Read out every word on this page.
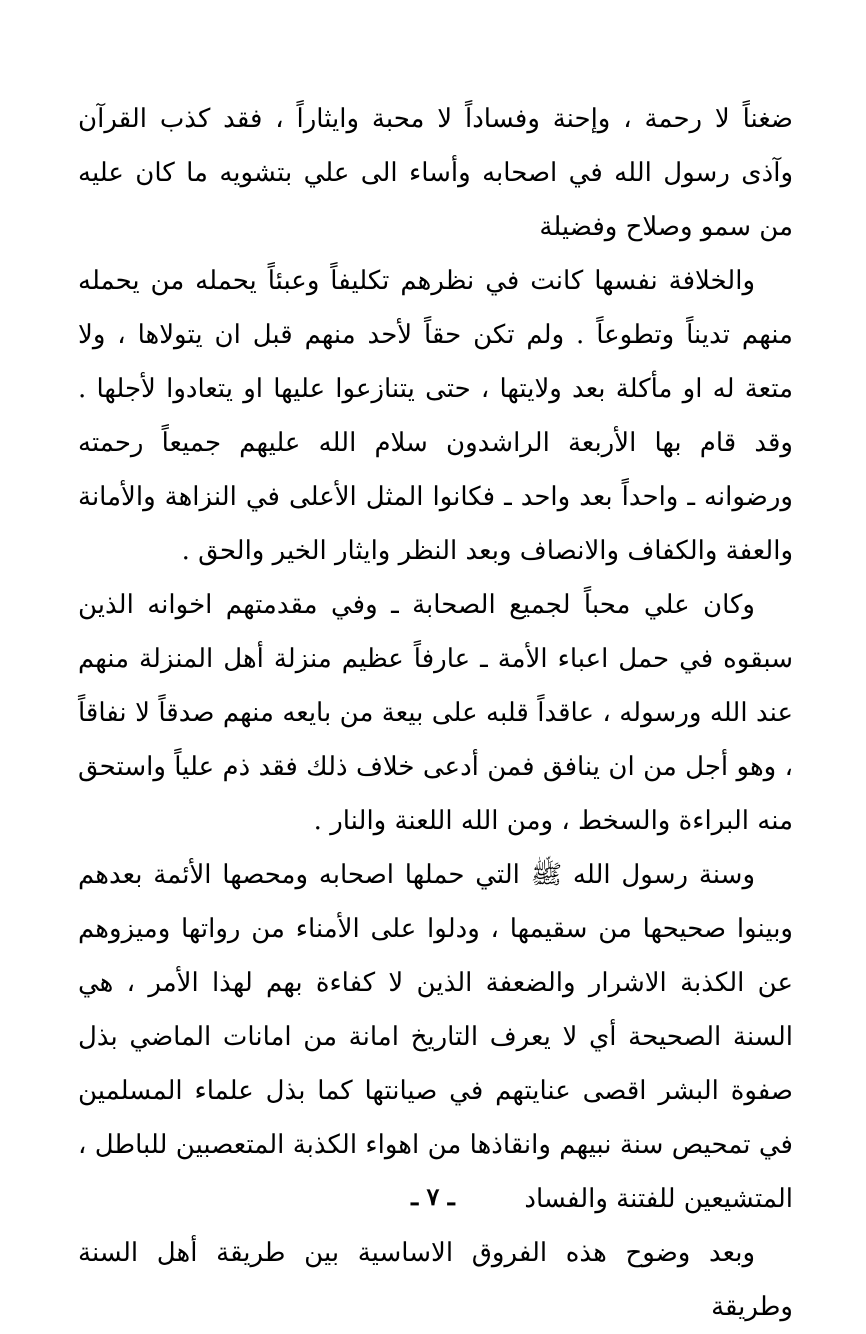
ضغناً لا رحمة ، وإحنة وفساداً لا محبة وايثاراً ، فقد كذب القرآن وآذى رسول الله في اصحابه وأساء الى علي بتشويه ما كان عليه من سمو وصلاح وفضيلة

والخلافة نفسها كانت في نظرهم تكليفاً وعبئاً يحمله من يحمله منهم تديناً وتطوعاً . ولم تكن حقاً لأحد منهم قبل ان يتولاها ، ولا متعة له او مأكلة بعد ولايتها ، حتى يتنازعوا عليها او يتعادوا لأجلها . وقد قام بها الأربعة الراشدون سلام الله عليهم جميعاً رحمته ورضوانه ـ واحداً بعد واحد ـ فكانوا المثل الأعلى في النزاهة والأمانة والعفة والكفاف والانصاف وبعد النظر وايثار الخير والحق .

وكان علي محباً لجميع الصحابة ـ وفي مقدمتهم اخوانه الذين سبقوه في حمل اعباء الأمة ـ عارفاً عظيم منزلة أهل المنزلة منهم عند الله ورسوله ، عاقداً قلبه على بيعة من بايعه منهم صدقاً لا نفاقاً ، وهو أجل من ان ينافق فمن أدعى خلاف ذلك فقد ذم علياً واستحق منه البراءة والسخط ، ومن الله اللعنة والنار .

وسنة رسول الله ﷺ التي حملها اصحابه ومحصها الأئمة بعدهم وبينوا صحيحها من سقيمها ، ودلوا على الأمناء من رواتها وميزوهم عن الكذبة الاشرار والضعفة الذين لا كفاءة بهم لهذا الأمر ، هي السنة الصحيحة أي لا يعرف التاريخ امانة من امانات الماضي بذل صفوة البشر اقصى عنايتهم في صيانتها كما بذل علماء المسلمين في تمحيص سنة نبيهم وانقاذها من اهواء الكذبة المتعصبين للباطل ، المتشيعين للفتنة والفساد

وبعد وضوح هذه الفروق الاساسية بين طريقة أهل السنة وطريقة

ـ ٧ ـ
